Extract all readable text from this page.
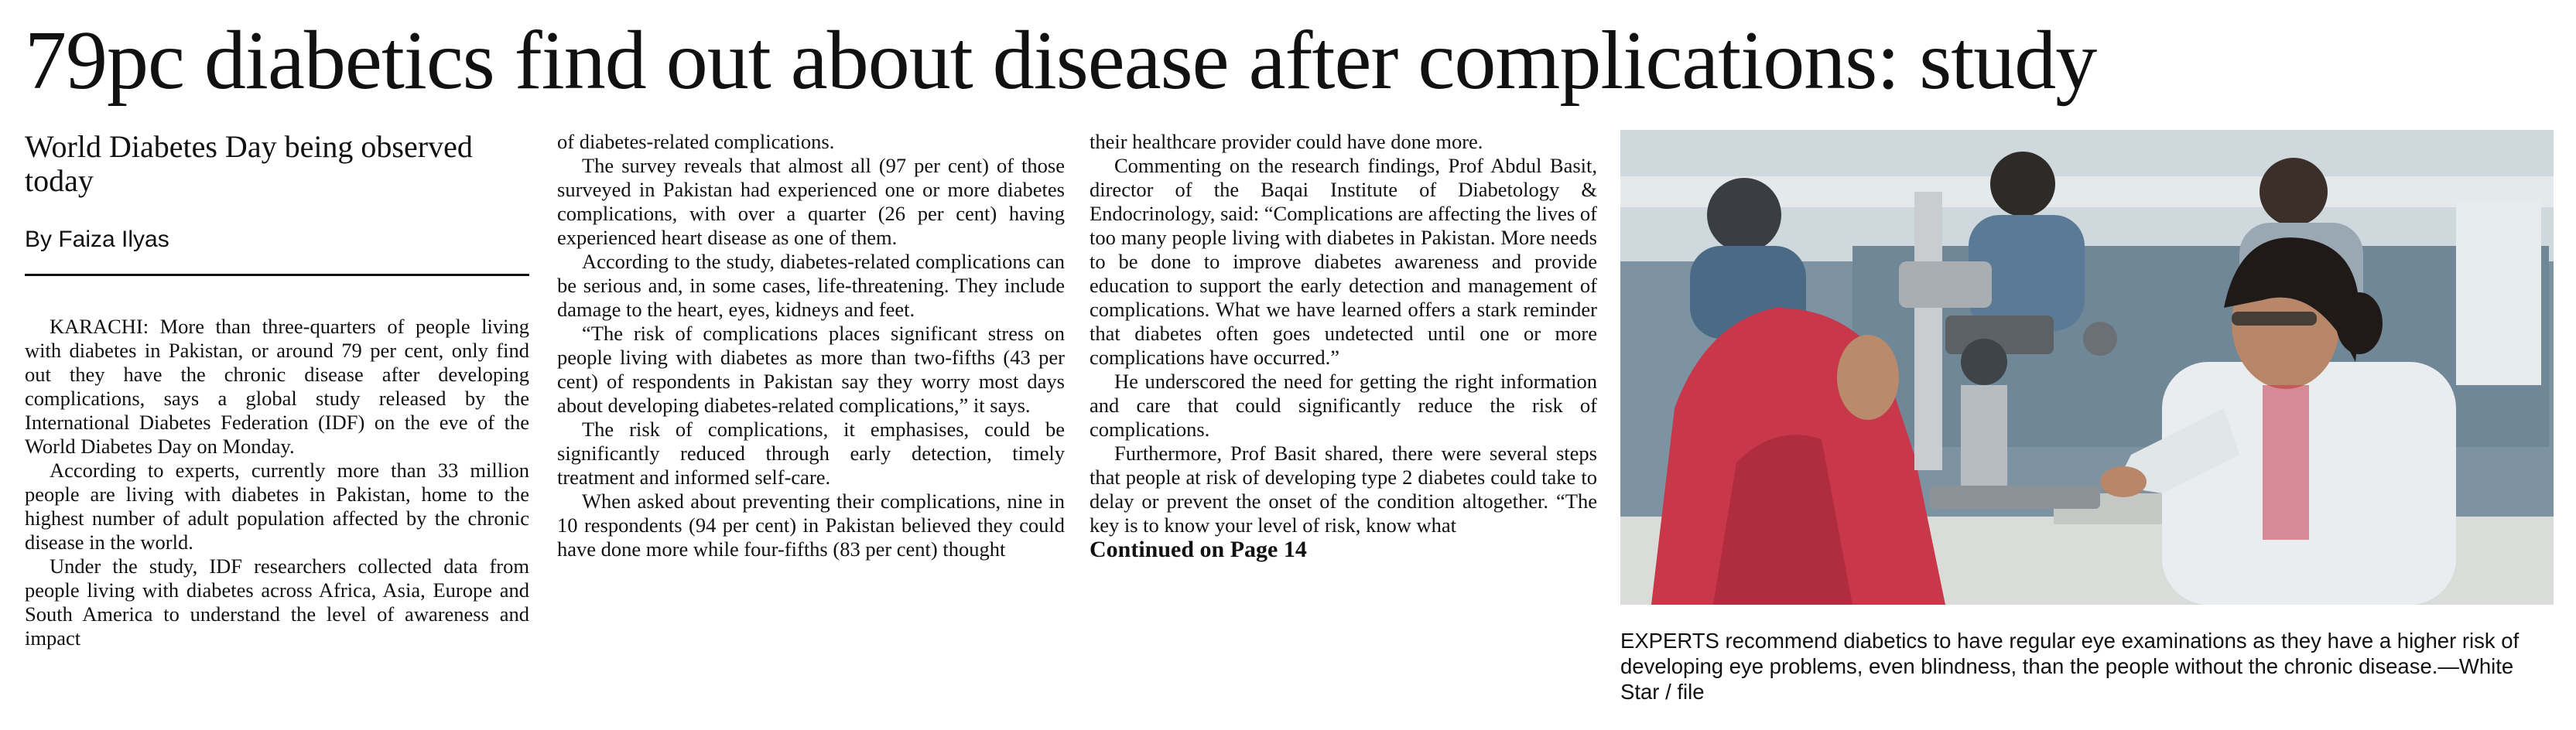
79pc diabetics find out about disease after complications: study
World Diabetes Day being observed today
By Faiza Ilyas

KARACHI: More than three-quarters of people living with diabetes in Pakistan, or around 79 per cent, only find out they have the chronic disease after developing complications, says a global study released by the International Diabetes Federation (IDF) on the eve of the World Diabetes Day on Monday.

According to experts, currently more than 33 million people are living with diabetes in Pakistan, home to the highest number of adult population affected by the chronic disease in the world.

Under the study, IDF researchers collected data from people living with diabetes across Africa, Asia, Europe and South America to understand the level of awareness and impact

of diabetes-related complications.

The survey reveals that almost all (97 per cent) of those surveyed in Pakistan had experienced one or more diabetes complications, with over a quarter (26 per cent) having experienced heart disease as one of them.

According to the study, diabetes-related complications can be serious and, in some cases, life-threatening. They include damage to the heart, eyes, kidneys and feet.

“The risk of complications places significant stress on people living with diabetes as more than two-fifths (43 per cent) of respondents in Pakistan say they worry most days about developing diabetes-related complications,” it says.

The risk of complications, it emphasises, could be significantly reduced through early detection, timely treatment and informed self-care.

When asked about preventing their complications, nine in 10 respondents (94 per cent) in Pakistan believed they could have done more while four-fifths (83 per cent) thought

their healthcare provider could have done more.

Commenting on the research findings, Prof Abdul Basit, director of the Baqai Institute of Diabetology & Endocrinology, said: “Complications are affecting the lives of too many people living with diabetes in Pakistan. More needs to be done to improve diabetes awareness and provide education to support the early detection and management of complications. What we have learned offers a stark reminder that diabetes often goes undetected until one or more complications have occurred.”

He underscored the need for getting the right information and care that could significantly reduce the risk of complications.

Furthermore, Prof Basit shared, there were several steps that people at risk of developing type 2 diabetes could take to delay or prevent the onset of the condition altogether. “The key is to know your level of risk, know what

Continued on Page 14

EXPERTS recommend diabetics to have regular eye examinations as they have a higher risk of developing eye problems, even blindness, than the people without the chronic disease.—White Star / file
